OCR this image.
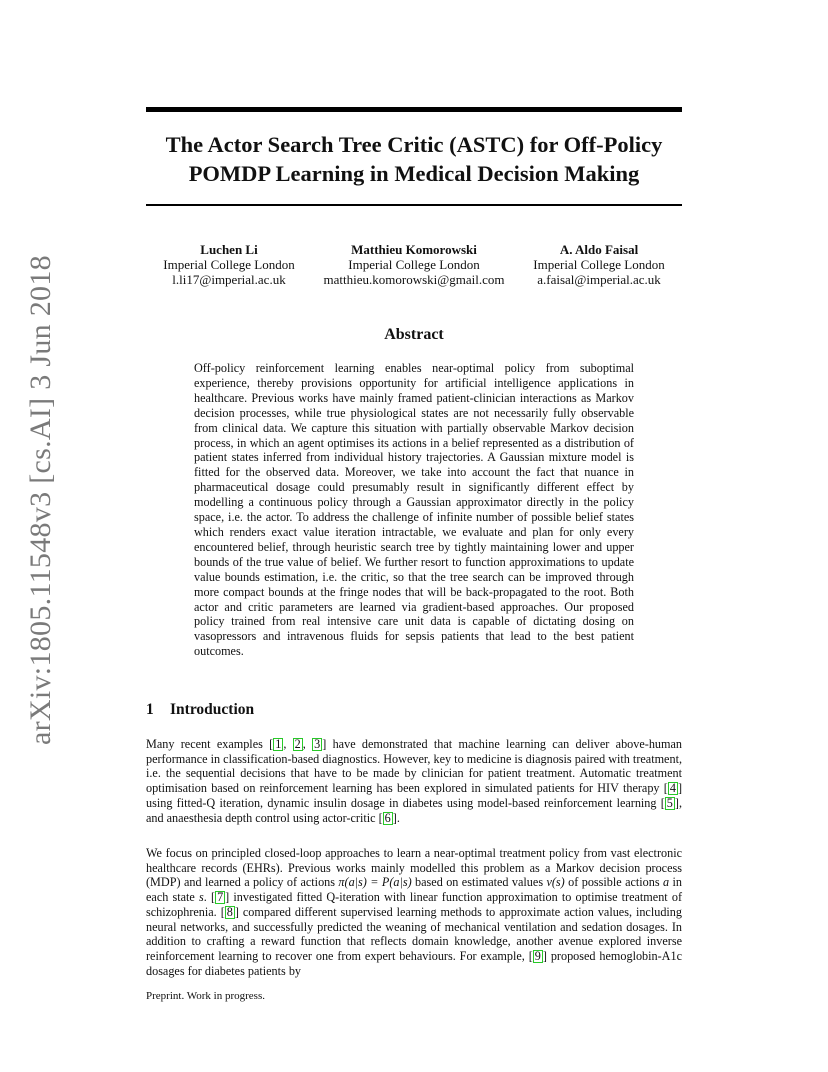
arXiv:1805.11548v3 [cs.AI] 3 Jun 2018
The Actor Search Tree Critic (ASTC) for Off-Policy
POMDP Learning in Medical Decision Making
Luchen Li
Imperial College London
l.li17@imperial.ac.uk
Matthieu Komorowski
Imperial College London
matthieu.komorowski@gmail.com
A. Aldo Faisal
Imperial College London
a.faisal@imperial.ac.uk
Abstract
Off-policy reinforcement learning enables near-optimal policy from suboptimal experience, thereby provisions opportunity for artificial intelligence applications in healthcare. Previous works have mainly framed patient-clinician interactions as Markov decision processes, while true physiological states are not necessarily fully observable from clinical data. We capture this situation with partially observable Markov decision process, in which an agent optimises its actions in a belief represented as a distribution of patient states inferred from individual history trajectories. A Gaussian mixture model is fitted for the observed data. Moreover, we take into account the fact that nuance in pharmaceutical dosage could presumably result in significantly different effect by modelling a continuous policy through a Gaussian approximator directly in the policy space, i.e. the actor. To address the challenge of infinite number of possible belief states which renders exact value iteration intractable, we evaluate and plan for only every encountered belief, through heuristic search tree by tightly maintaining lower and upper bounds of the true value of belief. We further resort to function approximations to update value bounds estimation, i.e. the critic, so that the tree search can be improved through more compact bounds at the fringe nodes that will be back-propagated to the root. Both actor and critic parameters are learned via gradient-based approaches. Our proposed policy trained from real intensive care unit data is capable of dictating dosing on vasopressors and intravenous fluids for sepsis patients that lead to the best patient outcomes.
1 Introduction
Many recent examples [ 1 , 2 , 3 ] have demonstrated that machine learning can deliver above-human performance in classification-based diagnostics. However, key to medicine is diagnosis paired with treatment, i.e. the sequential decisions that have to be made by clinician for patient treatment. Automatic treatment optimisation based on reinforcement learning has been explored in simulated patients for HIV therapy [ 4 ] using fitted-Q iteration, dynamic insulin dosage in diabetes using model-based reinforcement learning [ 5 ], and anaesthesia depth control using actor-critic [ 6 ].
We focus on principled closed-loop approaches to learn a near-optimal treatment policy from vast electronic healthcare records (EHRs). Previous works mainly modelled this problem as a Markov decision process (MDP) and learned a policy of actions π(a|s) = P(a|s) based on estimated values v(s) of possible actions a in each state s. [ 7 ] investigated fitted Q-iteration with linear function approximation to optimise treatment of schizophrenia. [ 8 ] compared different supervised learning methods to approximate action values, including neural networks, and successfully predicted the weaning of mechanical ventilation and sedation dosages. In addition to crafting a reward function that reflects domain knowledge, another avenue explored inverse reinforcement learning to recover one from expert behaviours. For example, [ 9 ] proposed hemoglobin-A1c dosages for diabetes patients by
Preprint. Work in progress.
